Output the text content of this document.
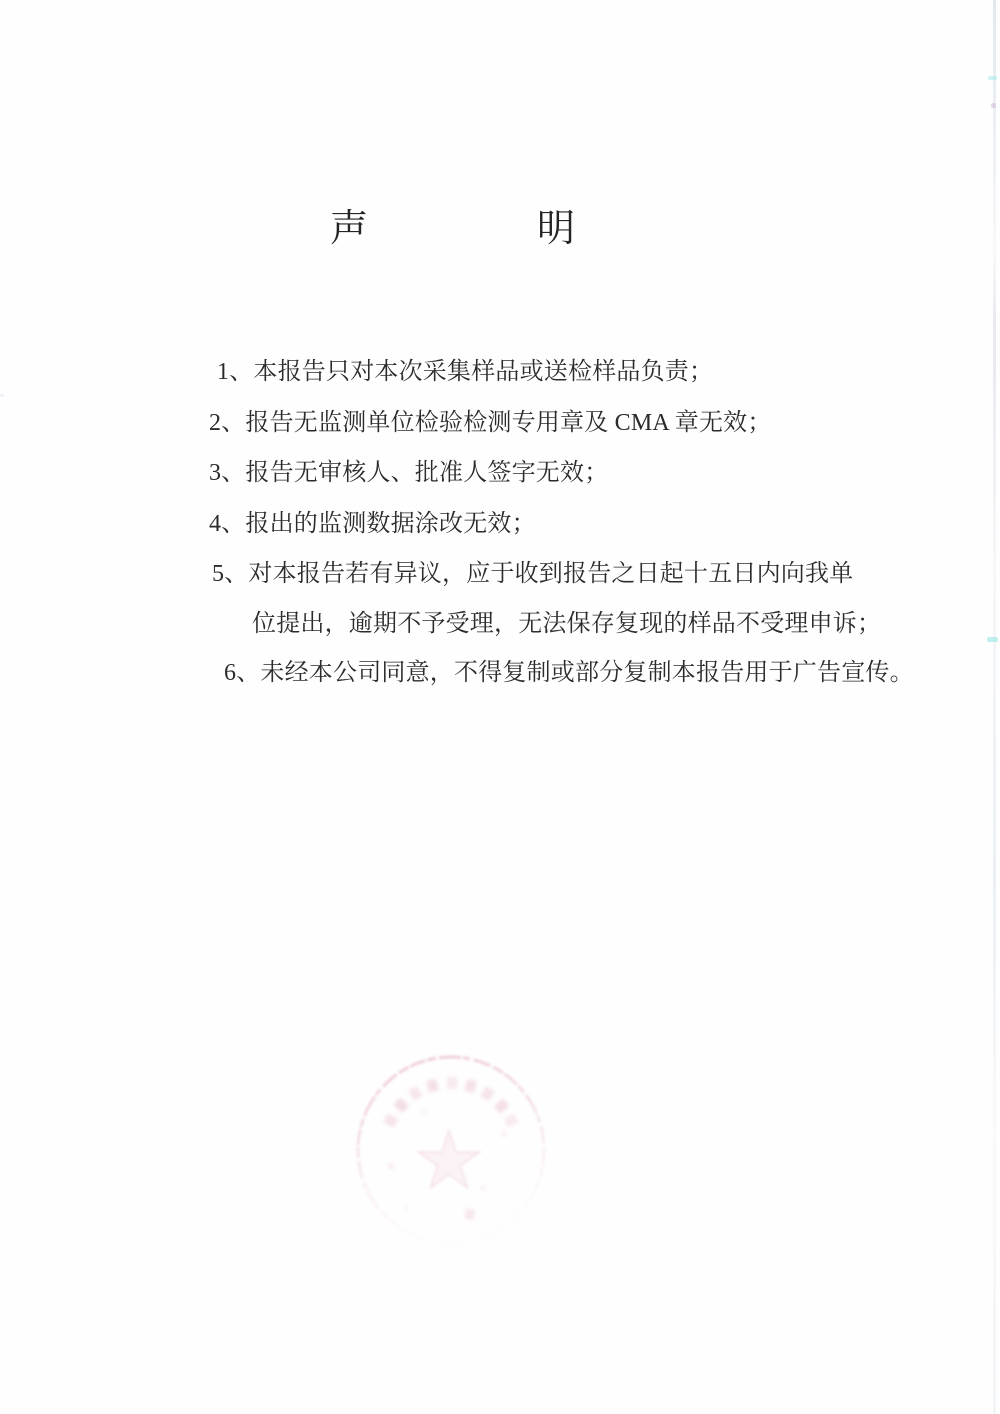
声明
1、本报告只对本次采集样品或送检样品负责；
2、报告无监测单位检验检测专用章及 CMA 章无效；
3、报告无审核人、批准人签字无效；
4、报出的监测数据涂改无效；
5、对本报告若有异议，应于收到报告之日起十五日内向我单
位提出，逾期不予受理，无法保存复现的样品不受理申诉；
6、未经本公司同意，不得复制或部分复制本报告用于广告宣传。
